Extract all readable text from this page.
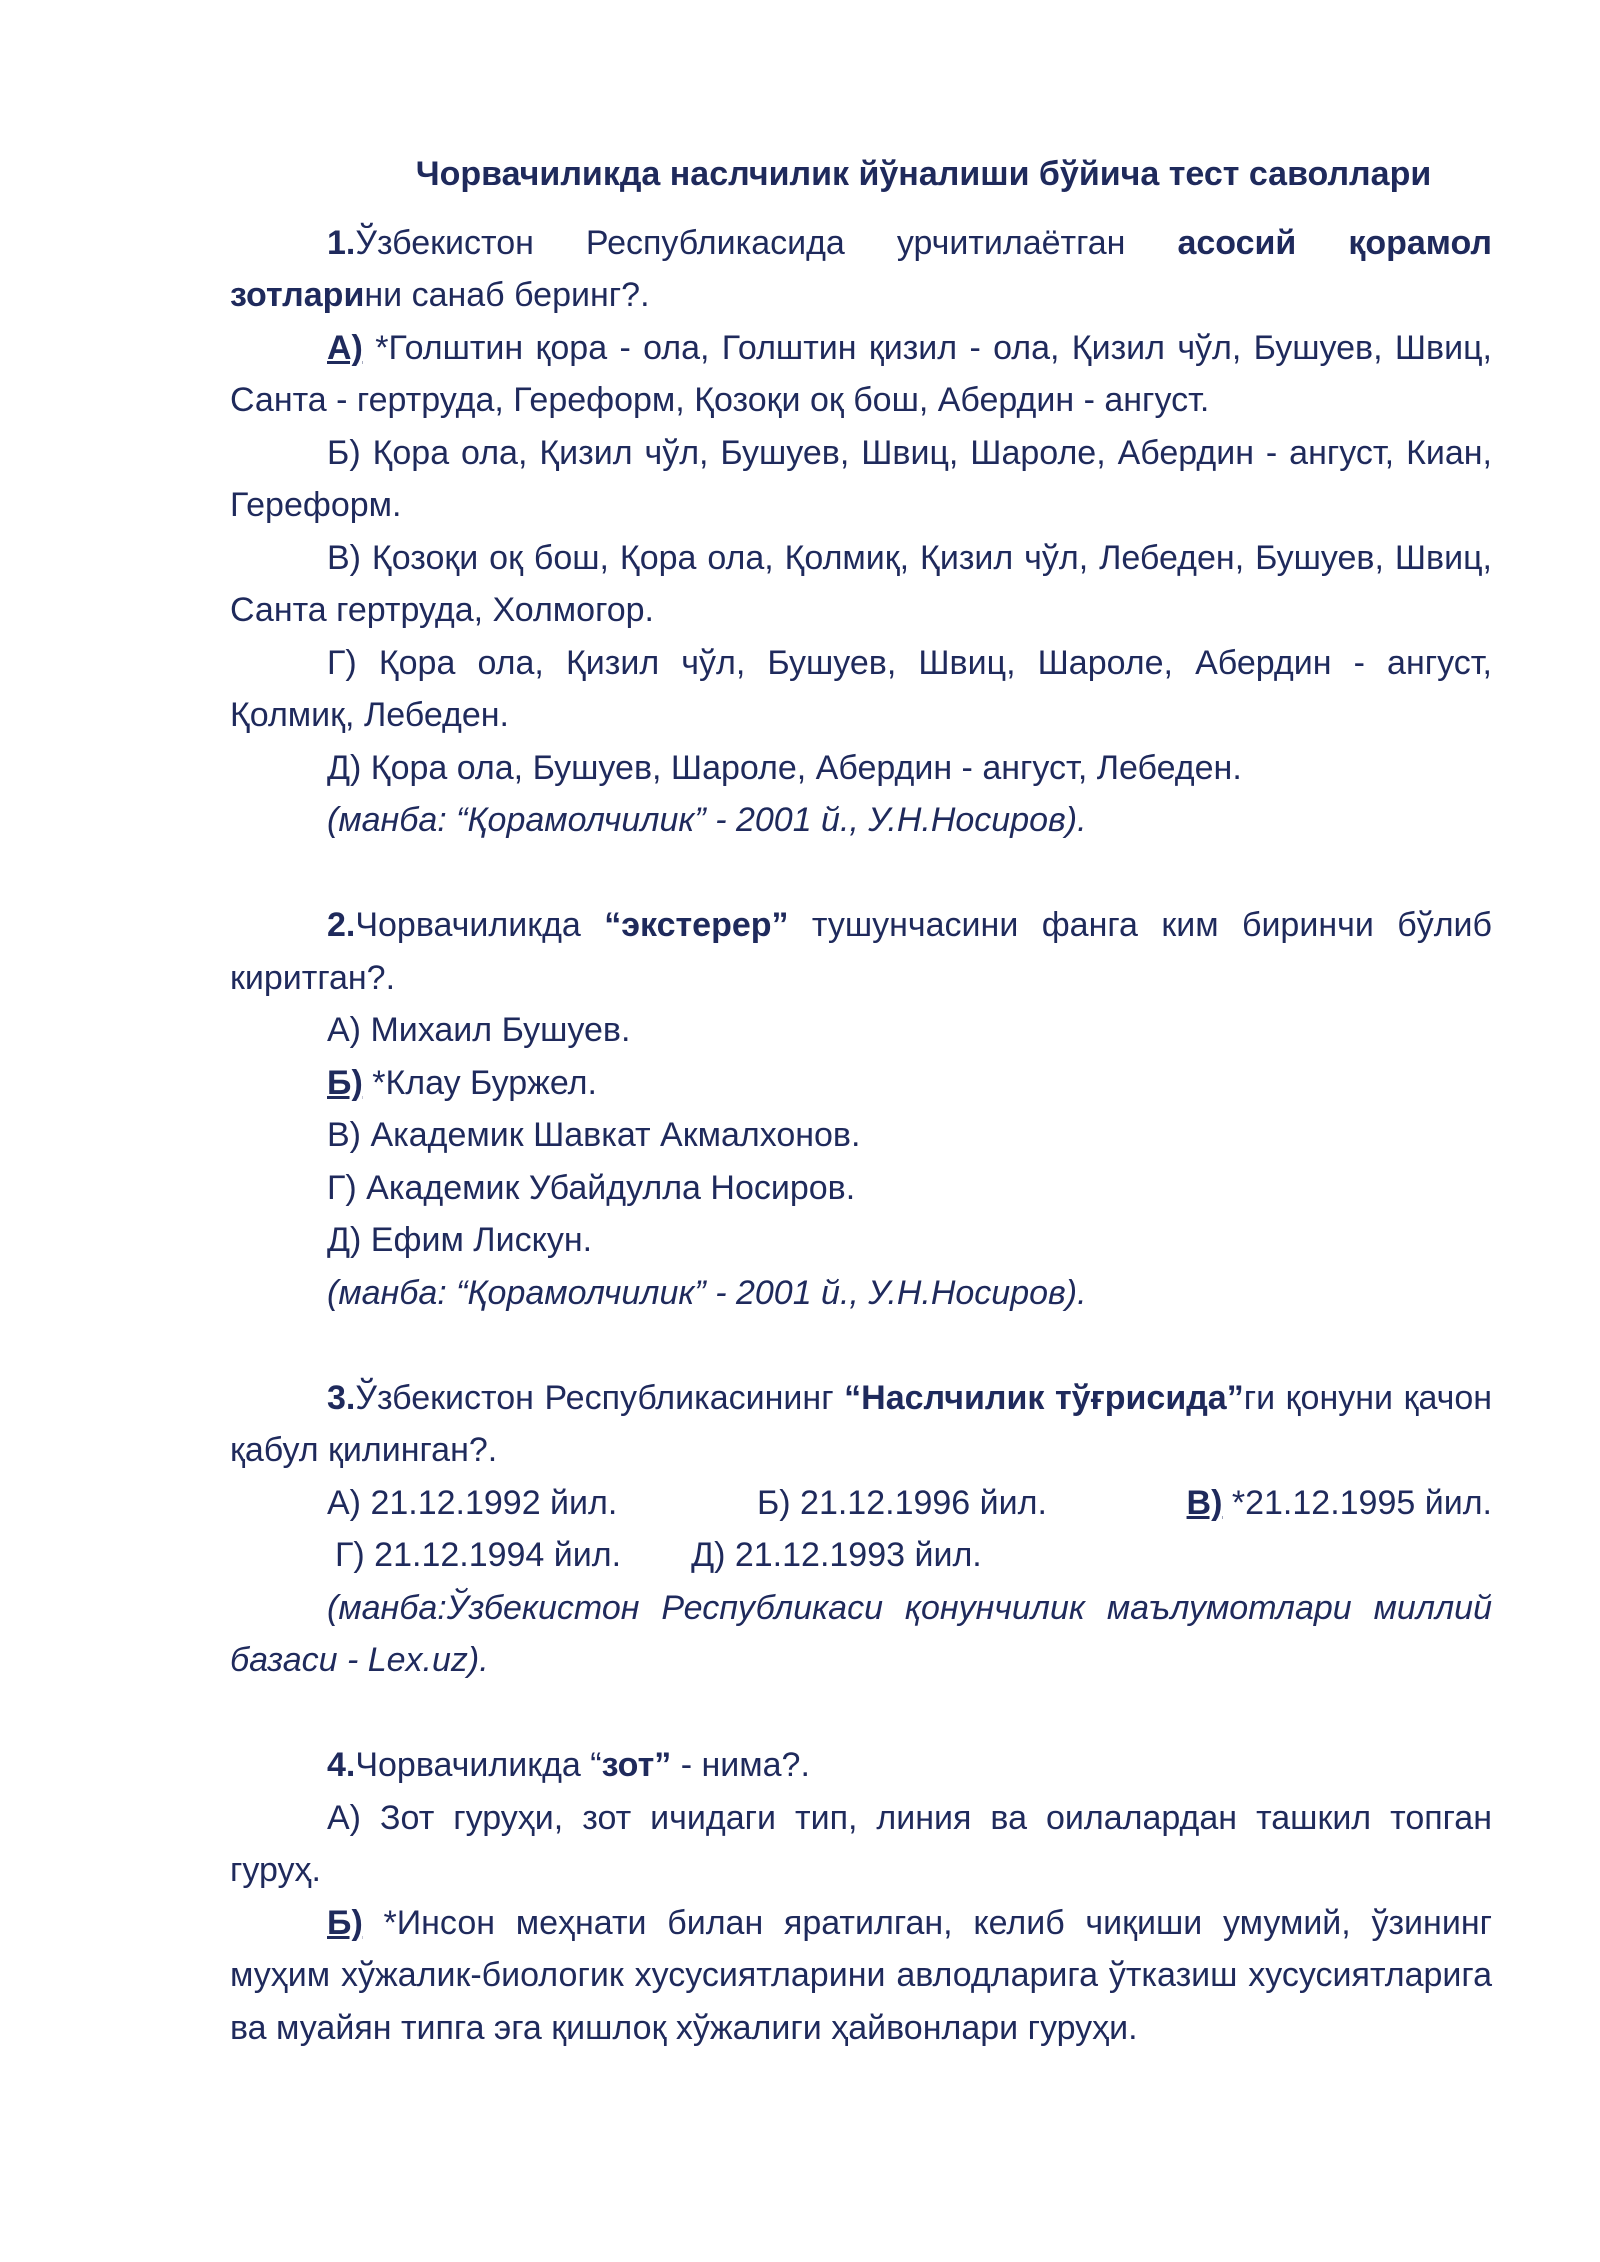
Чорвачиликда наслчилик йўналиши бўйича тест саволлари

1.Ўзбекистон Республикасида урчитилаётган асосий қорамол зотларини санаб беринг?.

А) *Голштин қора - ола, Голштин қизил - ола, Қизил чўл, Бушуев, Швиц, Санта - гертруда, Гереформ, Қозоқи оқ бош, Абердин - ангуст.

Б) Қора ола, Қизил чўл, Бушуев, Швиц, Шароле, Абердин - ангуст, Киан, Гереформ.

В) Қозоқи оқ бош, Қора ола, Қолмиқ, Қизил чўл, Лебеден, Бушуев, Швиц, Санта гертруда, Холмогор.

Г) Қора ола, Қизил чўл, Бушуев, Швиц, Шароле, Абердин - ангуст, Қолмиқ, Лебеден.

Д) Қора ола, Бушуев, Шароле, Абердин - ангуст, Лебеден.

(манба: “Қорамолчилик” - 2001 й., У.Н.Носиров).

2.Чорвачиликда “экстерер” тушунчасини фанга ким биринчи бўлиб киритган?.

А) Михаил Бушуев.

Б) *Клау Буржел.

В) Академик Шавкат Акмалхонов.

Г) Академик Убайдулла Носиров.

Д) Ефим Лискун.

(манба: “Қорамолчилик” - 2001 й., У.Н.Носиров).

3.Ўзбекистон Республикасининг “Наслчилик тўғрисида”ги қонуни қачон қабул қилинган?.

А) 21.12.1992 йил.	Б) 21.12.1996 йил.	В) *21.12.1995 йил.

Г) 21.12.1994 йил. Д) 21.12.1993 йил.

(манба:Ўзбекистон Республикаси қонунчилик маълумотлари миллий базаси - Lex.uz).

4.Чорвачиликда “зот” - нима?.

А) Зот гуруҳи, зот ичидаги тип, линия ва оилалардан ташкил топган гуруҳ.

Б) *Инсон меҳнати билан яратилган, келиб чиқиши умумий, ўзининг муҳим хўжалик-биологик хусусиятларини авлодларига ўтказиш хусусиятларига ва муайян типга эга қишлоқ хўжалиги ҳайвонлари гуруҳи.
